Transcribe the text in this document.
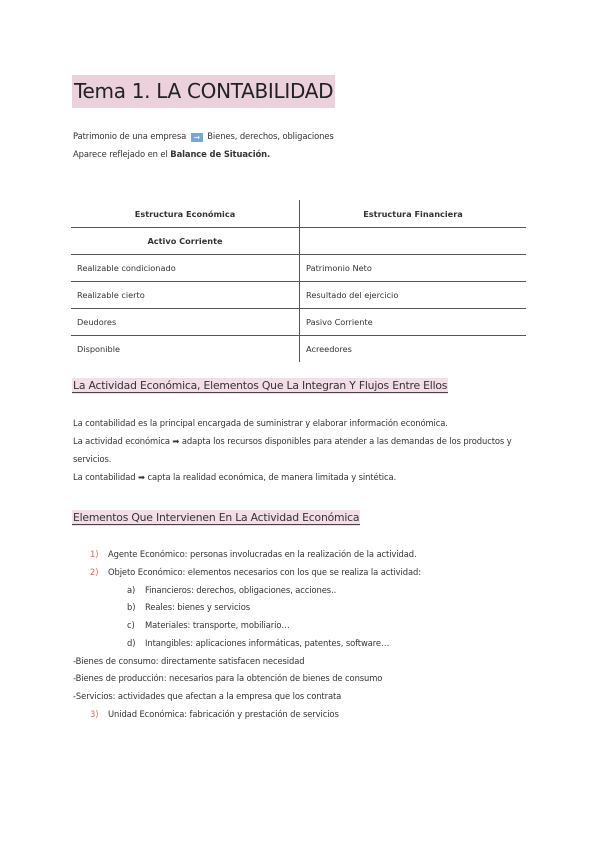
Tema 1. LA CONTABILIDAD
Patrimonio de una empresa → Bienes, derechos, obligaciones
Aparece reflejado en el Balance de Situación.
Estructura Económica	Estructura Financiera
Activo Corriente	
Realizable condicionado	Patrimonio Neto
Realizable cierto	Resultado del ejercicio
Deudores	Pasivo Corriente
Disponible	Acreedores
La Actividad Económica, Elementos Que La Integran Y Flujos Entre Ellos
La contabilidad es la principal encargada de suministrar y elaborar información económica.
La actividad económica ➡ adapta los recursos disponibles para atender a las demandas de los productos y
servicios.
La contabilidad ➡ capta la realidad económica, de manera limitada y sintética.
Elementos Que Intervienen En La Actividad Económica
1) Agente Económico: personas involucradas en la realización de la actividad.
2) Objeto Económico: elementos necesarios con los que se realiza la actividad:
a) Financieros: derechos, obligaciones, acciones..
b) Reales: bienes y servicios
c) Materiales: transporte, mobiliario…
d) Intangibles: aplicaciones informáticas, patentes, software…
-Bienes de consumo: directamente satisfacen necesidad
-Bienes de producción: necesarios para la obtención de bienes de consumo
-Servicios: actividades que afectan a la empresa que los contrata
3) Unidad Económica: fabricación y prestación de servicios
